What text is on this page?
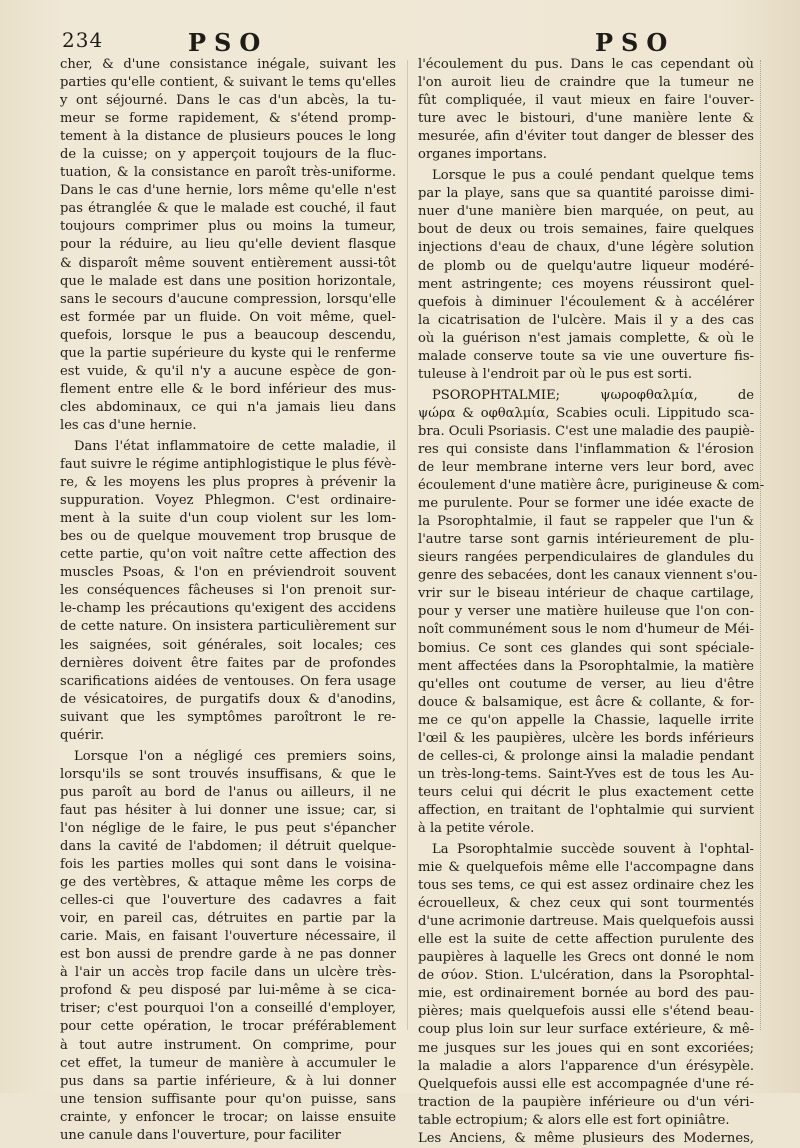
234	PSO	PSO
cher, & d'une consistance inégale, suivant les
parties qu'elle contient, & suivant le tems qu'elles
y ont séjourné. Dans le cas d'un abcès, la tu-
meur se forme rapidement, & s'étend promp-
tement à la distance de plusieurs pouces le long
de la cuisse; on y apperçoit toujours de la fluc-
tuation, & la consistance en paroît très-uniforme.
Dans le cas d'une hernie, lors même qu'elle n'est
pas étranglée & que le malade est couché, il faut
toujours comprimer plus ou moins la tumeur,
pour la réduire, au lieu qu'elle devient flasque
& disparoît même souvent entièrement aussi-tôt
que le malade est dans une position horizontale,
sans le secours d'aucune compression, lorsqu'elle
est formée par un fluide. On voit même, quel-
quefois, lorsque le pus a beaucoup descendu,
que la partie supérieure du kyste qui le renferme
est vuide, & qu'il n'y a aucune espèce de gon-
flement entre elle & le bord inférieur des mus-
cles abdominaux, ce qui n'a jamais lieu dans
les cas d'une hernie.
Dans l'état inflammatoire de cette maladie, il
faut suivre le régime antiphlogistique le plus févè-
re, & les moyens les plus propres à prévenir la
suppuration. Voyez Phlegmon. C'est ordinaire-
ment à la suite d'un coup violent sur les lom-
bes ou de quelque mouvement trop brusque de
cette partie, qu'on voit naître cette affection des
muscles Psoas, & l'on en préviendroit souvent
les conséquences fâcheuses si l'on prenoit sur-
le-champ les précautions qu'exigent des accidens
de cette nature. On insistera particulièrement sur
les saignées, soit générales, soit locales; ces
dernières doivent être faites par de profondes
scarifications aidées de ventouses. On fera usage
de vésicatoires, de purgatifs doux & d'anodins,
suivant que les symptômes paroîtront le re-
quérir.
Lorsque l'on a négligé ces premiers soins,
lorsqu'ils se sont trouvés insuffisans, & que le
pus paroît au bord de l'anus ou ailleurs, il ne
faut pas hésiter à lui donner une issue; car, si
l'on néglige de le faire, le pus peut s'épancher
dans la cavité de l'abdomen; il détruit quelque-
fois les parties molles qui sont dans le voisina-
ge des vertèbres, & attaque même les corps de
celles-ci que l'ouverture des cadavres a fait
voir, en pareil cas, détruites en partie par la
carie. Mais, en faisant l'ouverture nécessaire, il
est bon aussi de prendre garde à ne pas donner
à l'air un accès trop facile dans un ulcère très-
profond & peu disposé par lui-même à se cica-
triser; c'est pourquoi l'on a conseillé d'employer,
pour cette opération, le trocar préférablement
à tout autre instrument. On comprime, pour
cet effet, la tumeur de manière à accumuler le
pus dans sa partie inférieure, & à lui donner
une tension suffisante pour qu'on puisse, sans
crainte, y enfoncer le trocar; on laisse ensuite
une canule dans l'ouverture, pour faciliter
l'écoulement du pus. Dans le cas cependant où
l'on auroit lieu de craindre que la tumeur ne
fût compliquée, il vaut mieux en faire l'ouver-
ture avec le bistouri, d'une manière lente &
mesurée, afin d'éviter tout danger de blesser des
organes importans.
Lorsque le pus a coulé pendant quelque tems
par la playe, sans que sa quantité paroisse dimi-
nuer d'une manière bien marquée, on peut, au
bout de deux ou trois semaines, faire quelques
injections d'eau de chaux, d'une légère solution
de plomb ou de quelqu'autre liqueur modéré-
ment astringente; ces moyens réussiront quel-
quefois à diminuer l'écoulement & à accélérer
la cicatrisation de l'ulcère. Mais il y a des cas
où la guérison n'est jamais complette, & où le
malade conserve toute sa vie une ouverture fis-
tuleuse à l'endroit par où le pus est sorti.
PSOROPHTALMIE; ψωροφθαλμία, de
ψώρα & οφθαλμία, Scabies oculi. Lippitudo sca-
bra. Oculi Psoriasis. C'est une maladie des paupiè-
res qui consiste dans l'inflammation & l'érosion
de leur membrane interne vers leur bord, avec
écoulement d'une matière âcre, purigineuse & com-
me purulente. Pour se former une idée exacte de
la Psorophtalmie, il faut se rappeler que l'un &
l'autre tarse sont garnis intérieurement de plu-
sieurs rangées perpendiculaires de glandules du
genre des sebacées, dont les canaux viennent s'ou-
vrir sur le biseau intérieur de chaque cartilage,
pour y verser une matière huileuse que l'on con-
noît communément sous le nom d'humeur de Méi-
bomius. Ce sont ces glandes qui sont spéciale-
ment affectées dans la Psorophtalmie, la matière
qu'elles ont coutume de verser, au lieu d'être
douce & balsamique, est âcre & collante, & for-
me ce qu'on appelle la Chassie, laquelle irrite
l'œil & les paupières, ulcère les bords inférieurs
de celles-ci, & prolonge ainsi la maladie pendant
un très-long-tems. Saint-Yves est de tous les Au-
teurs celui qui décrit le plus exactement cette
affection, en traitant de l'ophtalmie qui survient
à la petite vérole.
La Psorophtalmie succède souvent à l'ophtal-
mie & quelquefois même elle l'accompagne dans
tous ses tems, ce qui est assez ordinaire chez les
écrouelleux, & chez ceux qui sont tourmentés
d'une acrimonie dartreuse. Mais quelquefois aussi
elle est la suite de cette affection purulente des
paupières à laquelle les Grecs ont donné le nom
de σύον. Stion. L'ulcération, dans la Psorophtal-
mie, est ordinairement bornée au bord des pau-
pières; mais quelquefois aussi elle s'étend beau-
coup plus loin sur leur surface extérieure, & mê-
me jusques sur les joues qui en sont excoriées;
la maladie a alors l'apparence d'un érésypèle.
Quelquefois aussi elle est accompagnée d'une ré-
traction de la paupière inférieure ou d'un véri-
table ectropium; & alors elle est fort opiniâtre.
Les Anciens, & même plusieurs des Modernes,
